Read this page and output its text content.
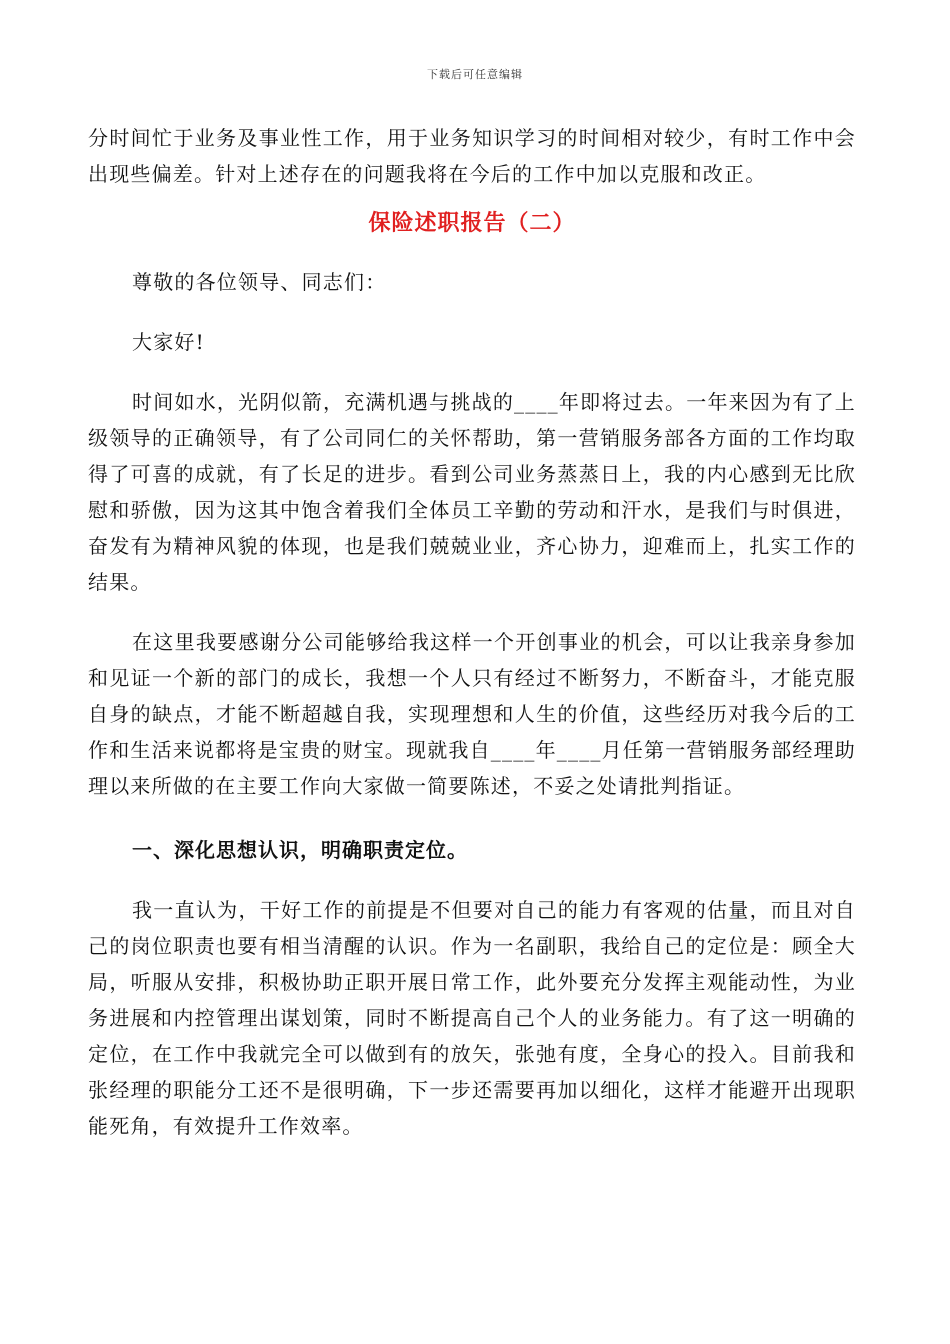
下载后可任意编辑

分时间忙于业务及事业性工作，用于业务知识学习的时间相对较少，有时工作中会出现些偏差。针对上述存在的问题我将在今后的工作中加以克服和改正。

保险述职报告（二）

尊敬的各位领导、同志们：

大家好!

时间如水，光阴似箭，充满机遇与挑战的____年即将过去。一年来因为有了上级领导的正确领导，有了公司同仁的关怀帮助，第一营销服务部各方面的工作均取得了可喜的成就，有了长足的进步。看到公司业务蒸蒸日上，我的内心感到无比欣慰和骄傲，因为这其中饱含着我们全体员工辛勤的劳动和汗水，是我们与时俱进，奋发有为精神风貌的体现，也是我们兢兢业业，齐心协力，迎难而上，扎实工作的结果。

在这里我要感谢分公司能够给我这样一个开创事业的机会，可以让我亲身参加和见证一个新的部门的成长，我想一个人只有经过不断努力，不断奋斗，才能克服自身的缺点，才能不断超越自我，实现理想和人生的价值，这些经历对我今后的工作和生活来说都将是宝贵的财宝。现就我自____年____月任第一营销服务部经理助理以来所做的在主要工作向大家做一简要陈述，不妥之处请批判指证。

一、深化思想认识，明确职责定位。

我一直认为，干好工作的前提是不但要对自己的能力有客观的估量，而且对自己的岗位职责也要有相当清醒的认识。作为一名副职，我给自己的定位是：顾全大局，听服从安排，积极协助正职开展日常工作，此外要充分发挥主观能动性，为业务进展和内控管理出谋划策，同时不断提高自己个人的业务能力。有了这一明确的定位，在工作中我就完全可以做到有的放矢，张弛有度，全身心的投入。目前我和张经理的职能分工还不是很明确，下一步还需要再加以细化，这样才能避开出现职能死角，有效提升工作效率。
